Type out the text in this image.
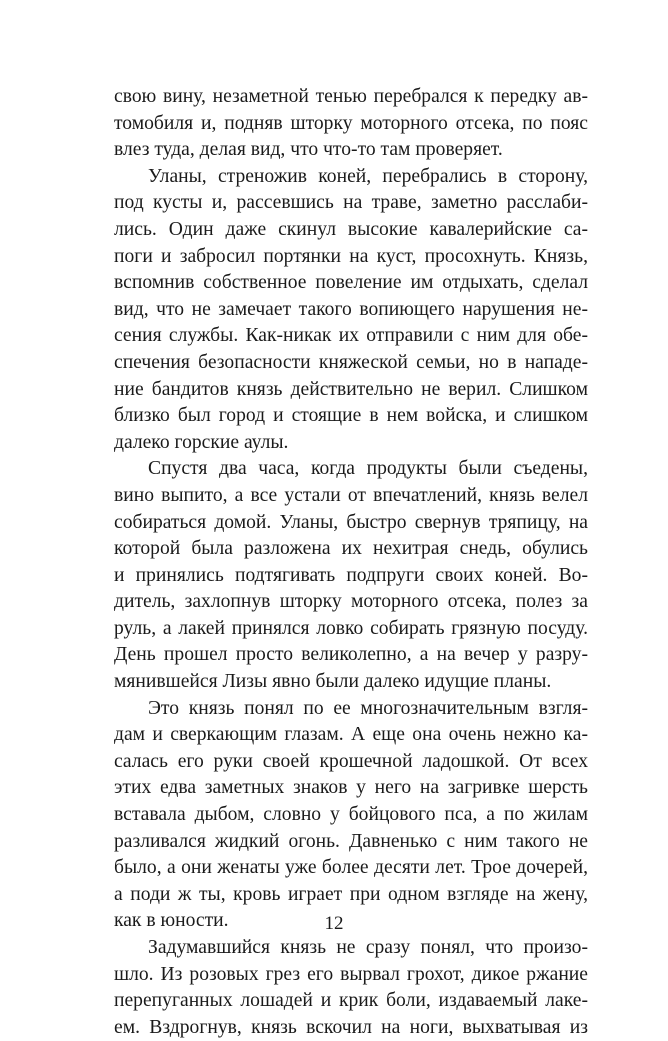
свою вину, незаметной тенью перебрался к передку ав-
томобиля и, подняв шторку моторного отсека, по пояс
влез туда, делая вид, что что-то там проверяет.
Уланы, стреножив коней, перебрались в сторону,
под кусты и, рассевшись на траве, заметно расслаби-
лись. Один даже скинул высокие кавалерийские са-
поги и забросил портянки на куст, просохнуть. Князь,
вспомнив собственное повеление им отдыхать, сделал
вид, что не замечает такого вопиющего нарушения не-
сения службы. Как-никак их отправили с ним для обе-
спечения безопасности княжеской семьи, но в нападе-
ние бандитов князь действительно не верил. Слишком
близко был город и стоящие в нем войска, и слишком
далеко горские аулы.
Спустя два часа, когда продукты были съедены,
вино выпито, а все устали от впечатлений, князь велел
собираться домой. Уланы, быстро свернув тряпицу, на
которой была разложена их нехитрая снедь, обулись
и принялись подтягивать подпруги своих коней. Во-
дитель, захлопнув шторку моторного отсека, полез за
руль, а лакей принялся ловко собирать грязную посуду.
День прошел просто великолепно, а на вечер у разру-
мянившейся Лизы явно были далеко идущие планы.
Это князь понял по ее многозначительным взгля-
дам и сверкающим глазам. А еще она очень нежно ка-
салась его руки своей крошечной ладошкой. От всех
этих едва заметных знаков у него на загривке шерсть
вставала дыбом, словно у бойцового пса, а по жилам
разливался жидкий огонь. Давненько с ним такого не
было, а они женаты уже более десяти лет. Трое дочерей,
а поди ж ты, кровь играет при одном взгляде на жену,
как в юности.
Задумавшийся князь не сразу понял, что произо-
шло. Из розовых грез его вырвал грохот, дикое ржание
перепуганных лошадей и крик боли, издаваемый лаке-
ем. Вздрогнув, князь вскочил на ноги, выхватывая из
12
